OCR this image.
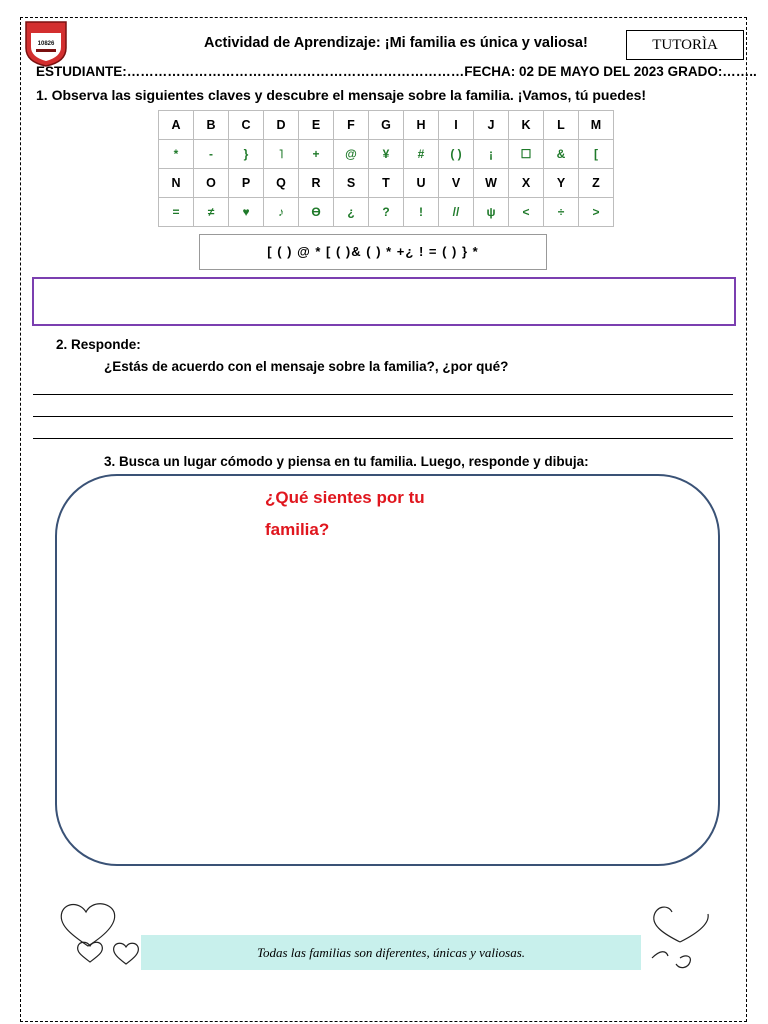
10826	Actividad de Aprendizaje: ¡Mi familia es única y valiosa!	TUTORÌA
ESTUDIANTE:…………………………………………………………………FECHA: 02 DE MAYO DEL 2023 GRADO:……..
1. Observa las siguientes claves y descubre el mensaje sobre la familia. ¡Vamos, tú puedes!
A	B	C	D	E	F	G	H	I	J	K	L	M
*	-	}	˥	+	@	¥	#	( )	¡	☐	&	[
N	O	P	Q	R	S	T	U	V	W	X	Y	Z
=	≠	♥	♪	ϴ	¿	?	!	//	ψ	<	÷	>
[ ( ) @ * [ ( )& ( ) * +¿ ! = ( ) } *
2. Responde:
¿Estás de acuerdo con el mensaje sobre la familia?, ¿por qué?
3. Busca un lugar cómodo y piensa en tu familia. Luego, responde y dibuja:
¿Qué sientes por tu
familia?
Todas las familias son diferentes, únicas y valiosas.
